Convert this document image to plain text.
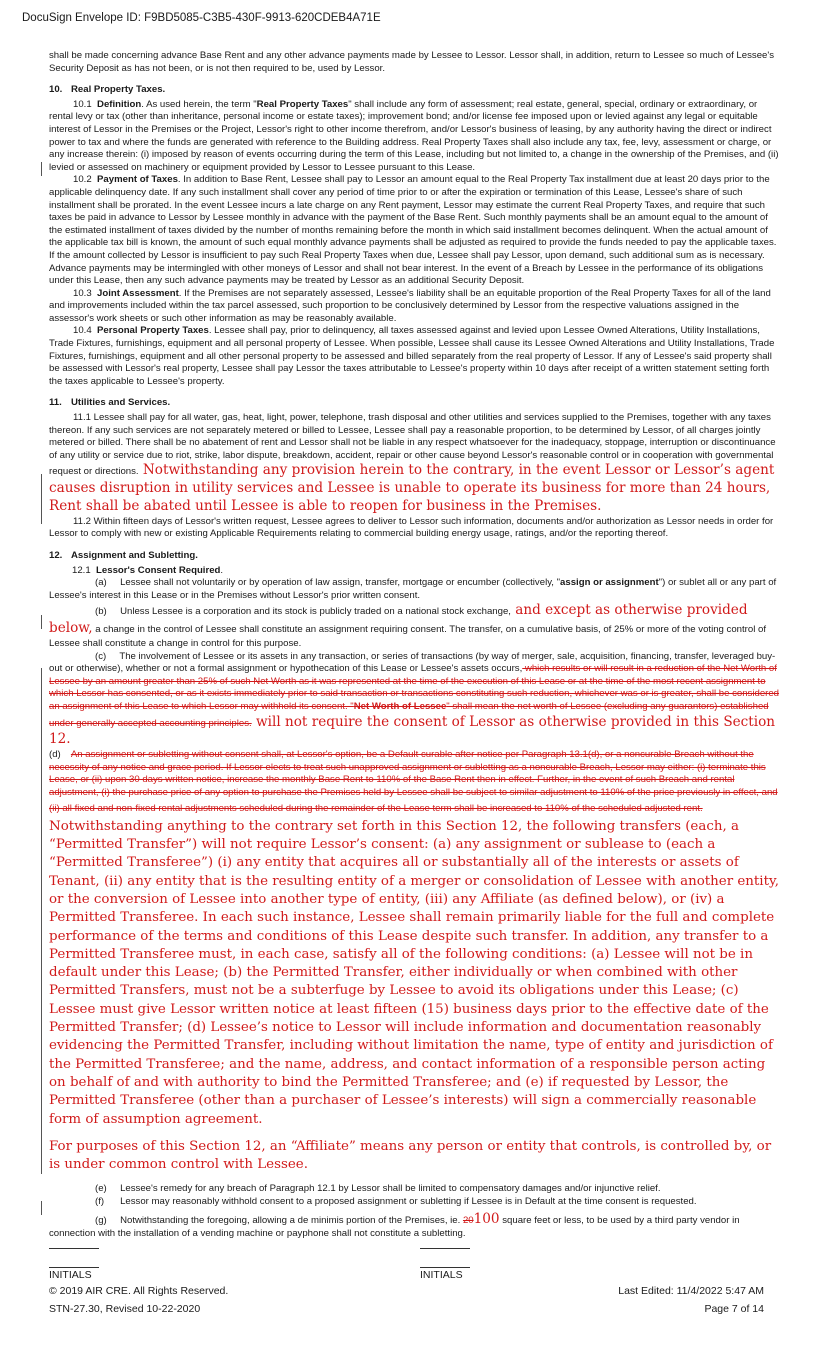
DocuSign Envelope ID: F9BD5085-C3B5-430F-9913-620CDEB4A71E

shall be made concerning advance Base Rent and any other advance payments made by Lessee to Lessor. Lessor shall, in addition, return to Lessee so much of Lessee's Security Deposit as has not been, or is not then required to be, used by Lessor.

10. Real Property Taxes.

10.1 Definition. As used herein, the term "Real Property Taxes" shall include any form of assessment; real estate, general, special, ordinary or extraordinary, or rental levy or tax (other than inheritance, personal income or estate taxes); improvement bond; and/or license fee imposed upon or levied against any legal or equitable interest of Lessor in the Premises or the Project, Lessor's right to other income therefrom, and/or Lessor's business of leasing, by any authority having the direct or indirect power to tax and where the funds are generated with reference to the Building address. Real Property Taxes shall also include any tax, fee, levy, assessment or charge, or any increase therein: (i) imposed by reason of events occurring during the term of this Lease, including but not limited to, a change in the ownership of the Premises, and (ii) levied or assessed on machinery or equipment provided by Lessor to Lessee pursuant to this Lease.

10.2 Payment of Taxes. In addition to Base Rent, Lessee shall pay to Lessor an amount equal to the Real Property Tax installment due at least 20 days prior to the applicable delinquency date. If any such installment shall cover any period of time prior to or after the expiration or termination of this Lease, Lessee's share of such installment shall be prorated. In the event Lessee incurs a late charge on any Rent payment, Lessor may estimate the current Real Property Taxes, and require that such taxes be paid in advance to Lessor by Lessee monthly in advance with the payment of the Base Rent. Such monthly payments shall be an amount equal to the amount of the estimated installment of taxes divided by the number of months remaining before the month in which said installment becomes delinquent. When the actual amount of the applicable tax bill is known, the amount of such equal monthly advance payments shall be adjusted as required to provide the funds needed to pay the applicable taxes. If the amount collected by Lessor is insufficient to pay such Real Property Taxes when due, Lessee shall pay Lessor, upon demand, such additional sum as is necessary. Advance payments may be intermingled with other moneys of Lessor and shall not bear interest. In the event of a Breach by Lessee in the performance of its obligations under this Lease, then any such advance payments may be treated by Lessor as an additional Security Deposit.

10.3 Joint Assessment. If the Premises are not separately assessed, Lessee's liability shall be an equitable proportion of the Real Property Taxes for all of the land and improvements included within the tax parcel assessed, such proportion to be conclusively determined by Lessor from the respective valuations assigned in the assessor's work sheets or such other information as may be reasonably available.

10.4 Personal Property Taxes. Lessee shall pay, prior to delinquency, all taxes assessed against and levied upon Lessee Owned Alterations, Utility Installations, Trade Fixtures, furnishings, equipment and all personal property of Lessee. When possible, Lessee shall cause its Lessee Owned Alterations and Utility Installations, Trade Fixtures, furnishings, equipment and all other personal property to be assessed and billed separately from the real property of Lessor. If any of Lessee's said property shall be assessed with Lessor's real property, Lessee shall pay Lessor the taxes attributable to Lessee's property within 10 days after receipt of a written statement setting forth the taxes applicable to Lessee's property.

11. Utilities and Services.

11.1 Lessee shall pay for all water, gas, heat, light, power, telephone, trash disposal and other utilities and services supplied to the Premises, together with any taxes thereon. If any such services are not separately metered or billed to Lessee, Lessee shall pay a reasonable proportion, to be determined by Lessor, of all charges jointly metered or billed. There shall be no abatement of rent and Lessor shall not be liable in any respect whatsoever for the inadequacy, stoppage, interruption or discontinuance of any utility or service due to riot, strike, labor dispute, breakdown, accident, repair or other cause beyond Lessor's reasonable control or in cooperation with governmental request or directions. Notwithstanding any provision herein to the contrary, in the event Lessor or Lessor’s agent causes disruption in utility services and Lessee is unable to operate its business for more than 24 hours, Rent shall be abated until Lessee is able to reopen for business in the Premises.

11.2 Within fifteen days of Lessor's written request, Lessee agrees to deliver to Lessor such information, documents and/or authorization as Lessor needs in order for Lessor to comply with new or existing Applicable Requirements relating to commercial building energy usage, ratings, and/or the reporting thereof.

12. Assignment and Subletting.

12.1 Lessor's Consent Required.

(a) Lessee shall not voluntarily or by operation of law assign, transfer, mortgage or encumber (collectively, "assign or assignment") or sublet all or any part of Lessee's interest in this Lease or in the Premises without Lessor's prior written consent.

(b) Unless Lessee is a corporation and its stock is publicly traded on a national stock exchange, and except as otherwise provided below, a change in the control of Lessee shall constitute an assignment requiring consent. The transfer, on a cumulative basis, of 25% or more of the voting control of Lessee shall constitute a change in control for this purpose.

(c) The involvement of Lessee or its assets in any transaction, or series of transactions (by way of merger, sale, acquisition, financing, transfer, leveraged buy-out or otherwise), whether or not a formal assignment or hypothecation of this Lease or Lessee's assets occurs, which results or will result in a reduction of the Net Worth of Lessee by an amount greater than 25% of such Net Worth as it was represented at the time of the execution of this Lease or at the time of the most recent assignment to which Lessor has consented, or as it exists immediately prior to said transaction or transactions constituting such reduction, whichever was or is greater, shall be considered an assignment of this Lease to which Lessor may withhold its consent. "Net Worth of Lessee" shall mean the net worth of Lessee (excluding any guarantors) established under generally accepted accounting principles. will not require the consent of Lessor as otherwise provided in this Section 12.

(d) An assignment or subletting without consent shall, at Lessor's option, be a Default curable after notice per Paragraph 13.1(d), or a noncurable Breach without the necessity of any notice and grace period. If Lessor elects to treat such unapproved assignment or subletting as a noncurable Breach, Lessor may either: (i) terminate this Lease, or (ii) upon 30 days written notice, increase the monthly Base Rent to 110% of the Base Rent then in effect. Further, in the event of such Breach and rental adjustment, (i) the purchase price of any option to purchase the Premises held by Lessee shall be subject to similar adjustment to 110% of the price previously in effect, and (ii) all fixed and non-fixed rental adjustments scheduled during the remainder of the Lease term shall be increased to 110% of the scheduled adjusted rent. Notwithstanding anything to the contrary set forth in this Section 12, the following transfers (each, a “Permitted Transfer”) will not require Lessor’s consent: (a) any assignment or sublease to (each a “Permitted Transferee”) (i) any entity that acquires all or substantially all of the interests or assets of Tenant, (ii) any entity that is the resulting entity of a merger or consolidation of Lessee with another entity, or the conversion of Lessee into another type of entity, (iii) any Affiliate (as defined below), or (iv) a Permitted Transferee. In each such instance, Lessee shall remain primarily liable for the full and complete performance of the terms and conditions of this Lease despite such transfer. In addition, any transfer to a Permitted Transferee must, in each case, satisfy all of the following conditions: (a) Lessee will not be in default under this Lease; (b) the Permitted Transfer, either individually or when combined with other Permitted Transfers, must not be a subterfuge by Lessee to avoid its obligations under this Lease; (c) Lessee must give Lessor written notice at least fifteen (15) business days prior to the effective date of the Permitted Transfer; (d) Lessee’s notice to Lessor will include information and documentation reasonably evidencing the Permitted Transfer, including without limitation the name, type of entity and jurisdiction of the Permitted Transferee; and the name, address, and contact information of a responsible person acting on behalf of and with authority to bind the Permitted Transferee; and (e) if requested by Lessor, the Permitted Transferee (other than a purchaser of Lessee’s interests) will sign a commercially reasonable form of assumption agreement.

For purposes of this Section 12, an “Affiliate” means any person or entity that controls, is controlled by, or is under common control with Lessee.

(e) Lessee's remedy for any breach of Paragraph 12.1 by Lessor shall be limited to compensatory damages and/or injunctive relief.

(f) Lessor may reasonably withhold consent to a proposed assignment or subletting if Lessee is in Default at the time consent is requested.

(g) Notwithstanding the foregoing, allowing a de minimis portion of the Premises, ie. 20100 square feet or less, to be used by a third party vendor in connection with the installation of a vending machine or payphone shall not constitute a subletting.

INITIALS	INITIALS
© 2019 AIR CRE. All Rights Reserved.	Last Edited: 11/4/2022 5:47 AM
STN-27.30, Revised 10-22-2020	Page 7 of 14
